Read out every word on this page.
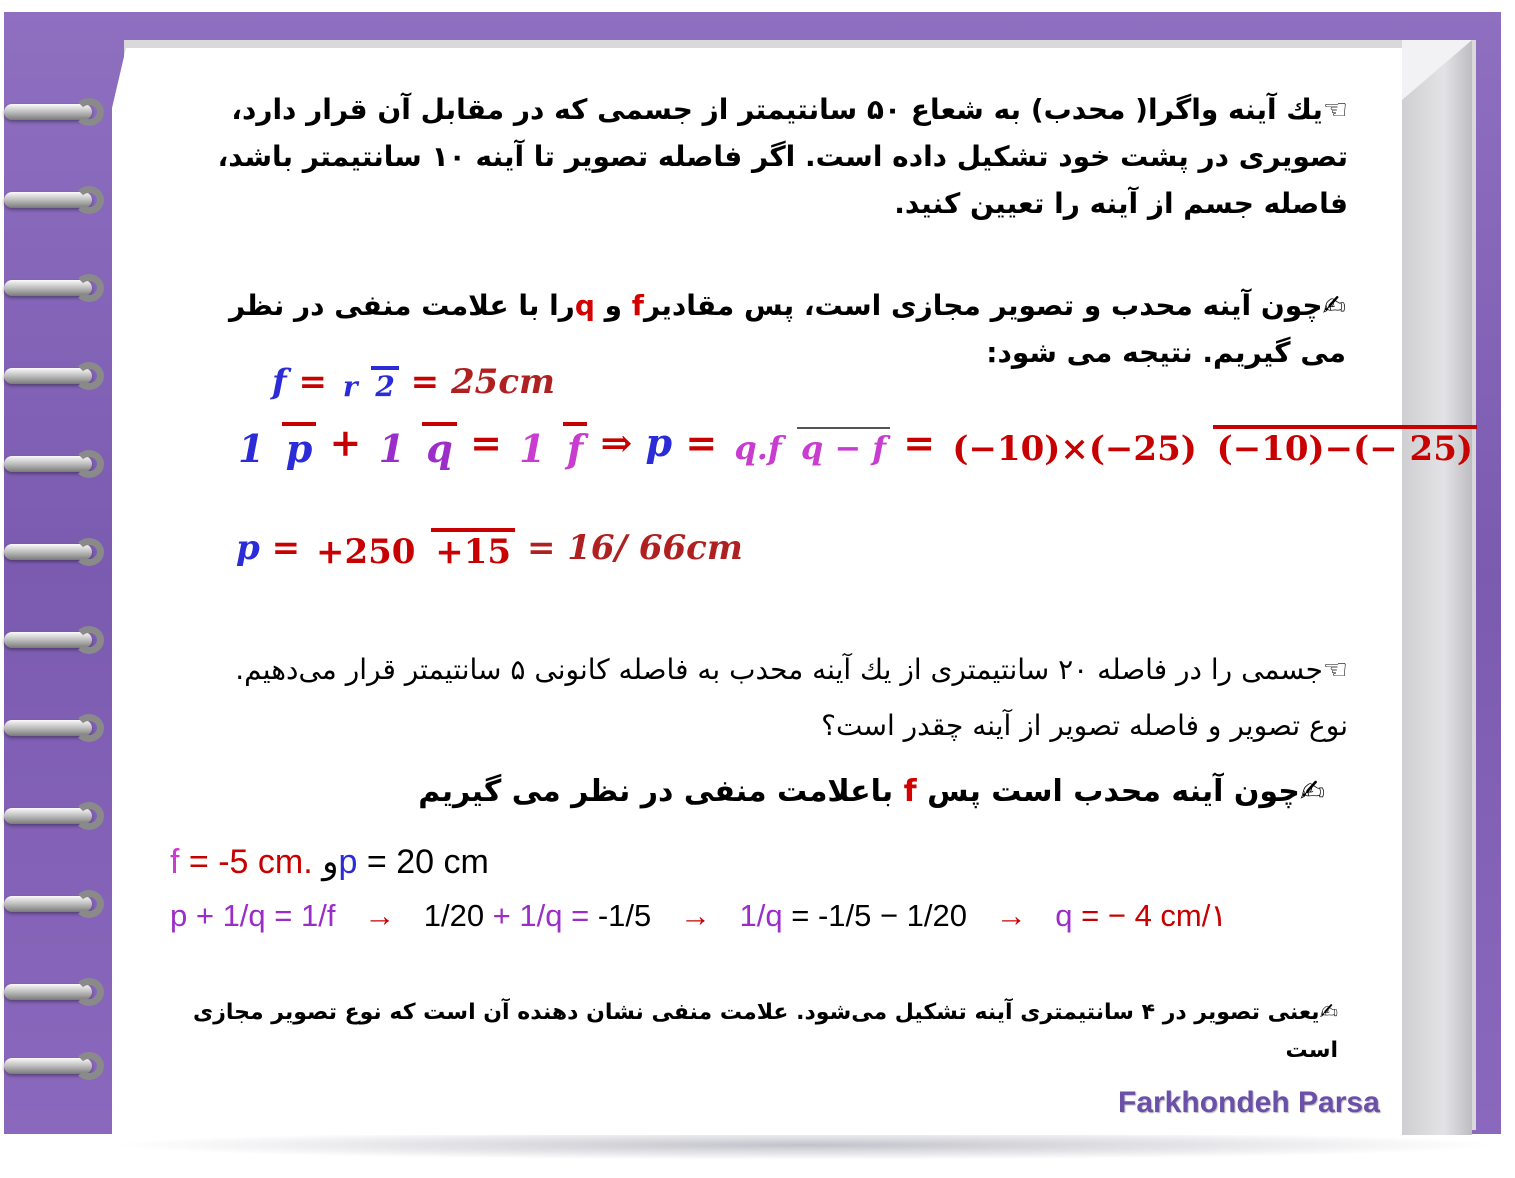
☜یك آینه واگرا( محدب) به شعاع ۵۰ سانتیمتر از جسمی که در مقابل آن قرار دارد، تصویری در پشت خود تشکیل داده است. اگر فاصله تصویر تا آینه ۱۰ سانتیمتر باشد، فاصله جسم از آینه را تعیین کنید.
✍چون آینه محدب و تصویر مجازی است، پس مقادیرf و qرا با علامت منفی در نظر می گیریم. نتیجه می شود:
f = r 2 = 25cm
1 p + 1 q = 1 f ⇒ p = q.f q − f = (−10)×(−25) (−10)−(− 25)
p = +250 +15 = 16/ 66cm
☜جسمی را در فاصله ۲۰ سانتیمتری از یك آینه محدب به فاصله کانونی ۵ سانتیمتر قرار می‌دهیم. نوع تصویر و فاصله تصویر از آینه چقدر است؟
✍چون آینه محدب است پس f باعلامت منفی در نظر می گیریم
f = -5 cm. وp = 20 cm
p + 1/q = 1/f → 1/20 + 1/q = -1/5 → 1/q = -1/5 − 1/20 → q = − 4 cm/۱
✍یعنی تصویر در ۴ سانتیمتری آینه تشکیل می‌شود. علامت منفی نشان دهنده آن است که نوع تصویر مجازی است
Farkhondeh Parsa
